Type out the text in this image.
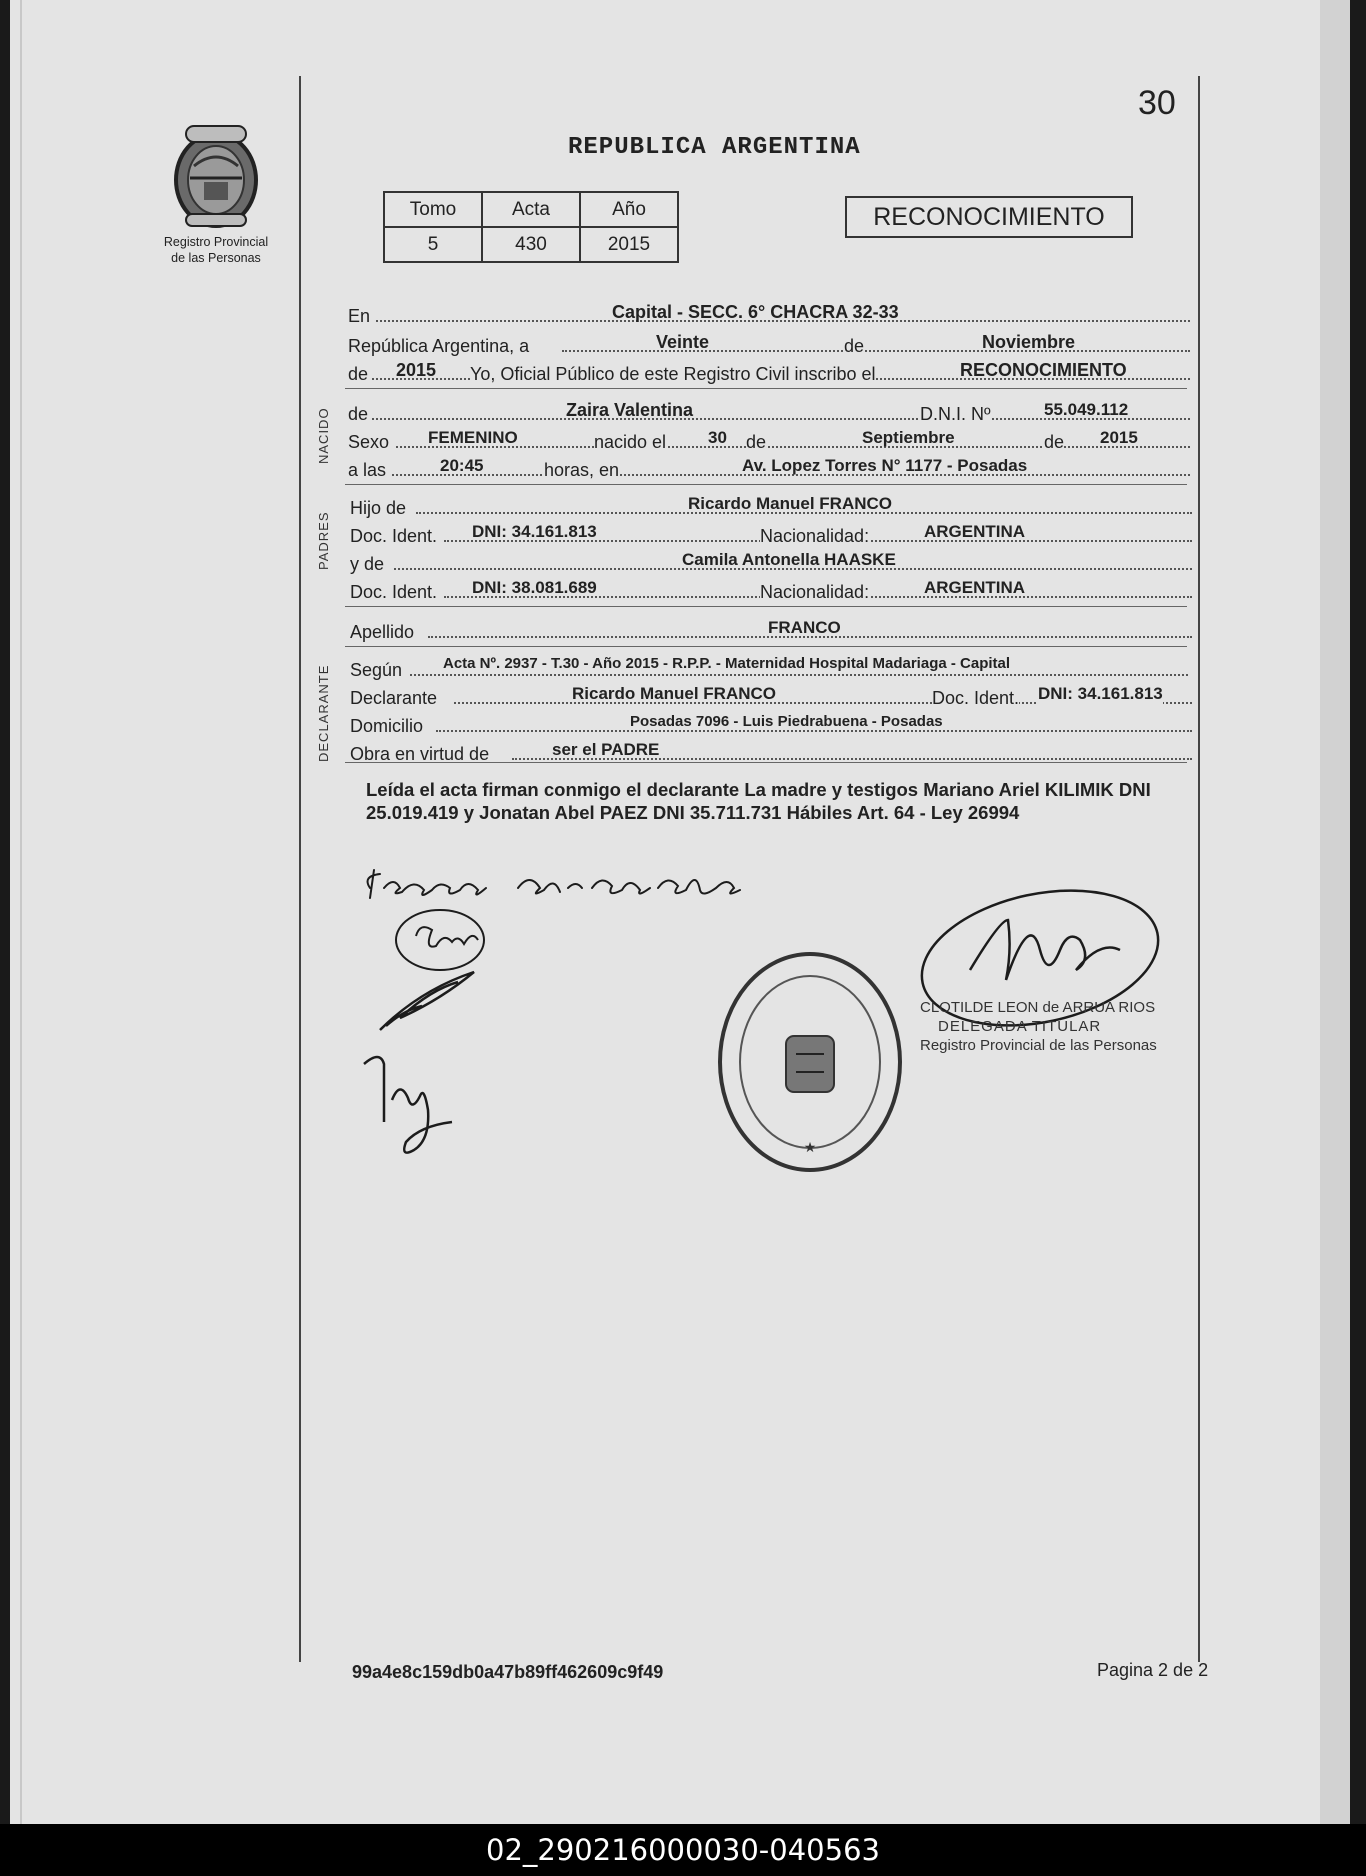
Registro Provincial
de las Personas
30
REPUBLICA ARGENTINA
Tomo	Acta	Año
5	430	2015
RECONOCIMIENTO
En	Capital - SECC. 6° CHACRA 32-33
República Argentina, a	Veinte	de	Noviembre
de 2015 Yo, Oficial Público de este Registro Civil inscribo el	RECONOCIMIENTO
NACIDO de	Zaira Valentina	D.N.I. Nº	55.049.112
Sexo FEMENINO	nacido el 30 de	Septiembre	de 2015
a las	20:45	horas, en	Av. Lopez Torres N° 1177 - Posadas
PADRES
Hijo de	Ricardo Manuel FRANCO
Doc. Ident. DNI: 34.161.813	Nacionalidad:	ARGENTINA
y de	Camila Antonella HAASKE
Doc. Ident. DNI: 38.081.689	Nacionalidad:	ARGENTINA
Apellido	FRANCO
DECLARANTE Según	Acta Nº. 2937 - T.30 - Año 2015 - R.P.P. - Maternidad Hospital Madariaga - Capital
Declarante	Ricardo Manuel FRANCO	Doc. Ident. DNI: 34.161.813
Domicilio	Posadas 7096 - Luis Piedrabuena - Posadas
Obra en virtud de	ser el PADRE
Leída el acta firman conmigo el declarante La madre y testigos Mariano Ariel KILIMIK DNI 25.019.419 y Jonatan Abel PAEZ DNI 35.711.731 Hábiles Art. 64 - Ley 26994
★
CLOTILDE LEON de ARRUA RIOS
DELEGADA TITULAR
Registro Provincial de las Personas
99a4e8c159db0a47b89ff462609c9f49	Pagina 2 de 2
02_290216000030-040563
